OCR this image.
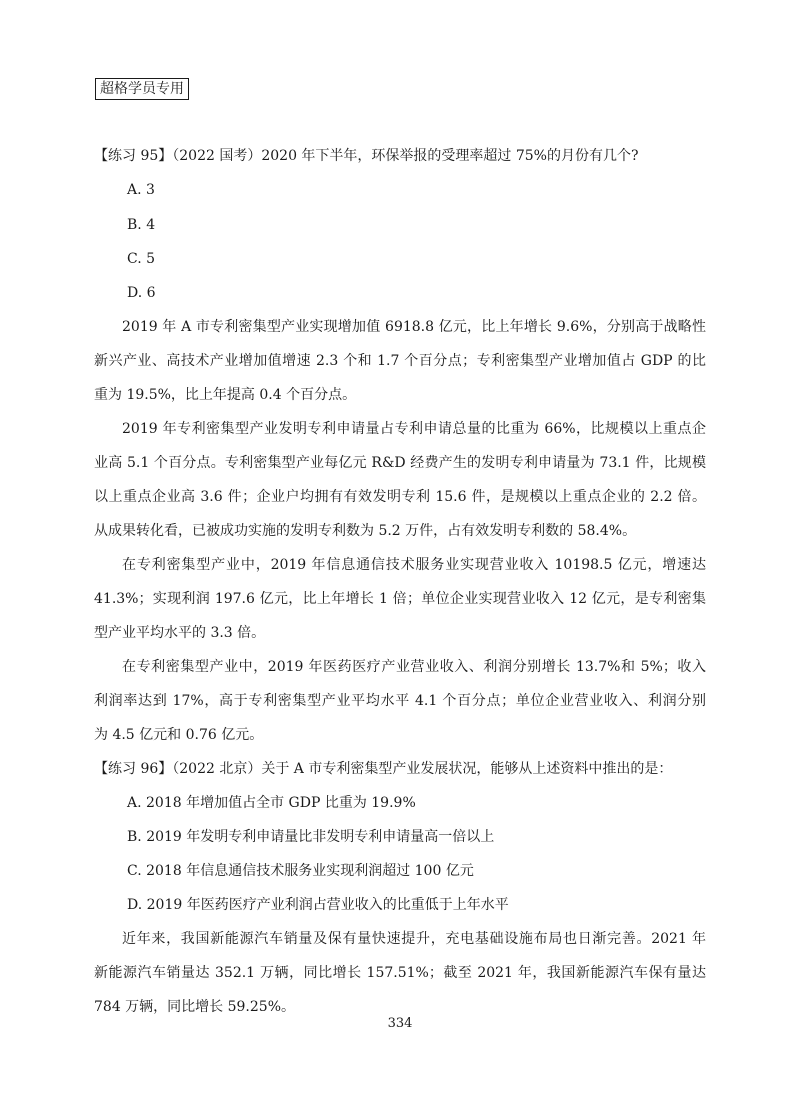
超格学员专用
【练习 95】（2022 国考）2020 年下半年，环保举报的受理率超过 75%的月份有几个?
A. 3
B. 4
C. 5
D. 6
2019 年 A 市专利密集型产业实现增加值 6918.8 亿元，比上年增长 9.6%，分别高于战略性
新兴产业、高技术产业增加值增速 2.3 个和 1.7 个百分点；专利密集型产业增加值占 GDP 的比
重为 19.5%，比上年提高 0.4 个百分点。
2019 年专利密集型产业发明专利申请量占专利申请总量的比重为 66%，比规模以上重点企
业高 5.1 个百分点。专利密集型产业每亿元 R&D 经费产生的发明专利申请量为 73.1 件，比规模
以上重点企业高 3.6 件；企业户均拥有有效发明专利 15.6 件，是规模以上重点企业的 2.2 倍。
从成果转化看，已被成功实施的发明专利数为 5.2 万件，占有效发明专利数的 58.4%。
在专利密集型产业中，2019 年信息通信技术服务业实现营业收入 10198.5 亿元，增速达
41.3%；实现利润 197.6 亿元，比上年增长 1 倍；单位企业实现营业收入 12 亿元，是专利密集
型产业平均水平的 3.3 倍。
在专利密集型产业中，2019 年医药医疗产业营业收入、利润分别增长 13.7%和 5%；收入
利润率达到 17%，高于专利密集型产业平均水平 4.1 个百分点；单位企业营业收入、利润分别
为 4.5 亿元和 0.76 亿元。
【练习 96】（2022 北京）关于 A 市专利密集型产业发展状况，能够从上述资料中推出的是：
A. 2018 年增加值占全市 GDP 比重为 19.9%
B. 2019 年发明专利申请量比非发明专利申请量高一倍以上
C. 2018 年信息通信技术服务业实现利润超过 100 亿元
D. 2019 年医药医疗产业利润占营业收入的比重低于上年水平
近年来，我国新能源汽车销量及保有量快速提升，充电基础设施布局也日渐完善。2021 年
新能源汽车销量达 352.1 万辆，同比增长 157.51%；截至 2021 年，我国新能源汽车保有量达
784 万辆，同比增长 59.25%。
334
